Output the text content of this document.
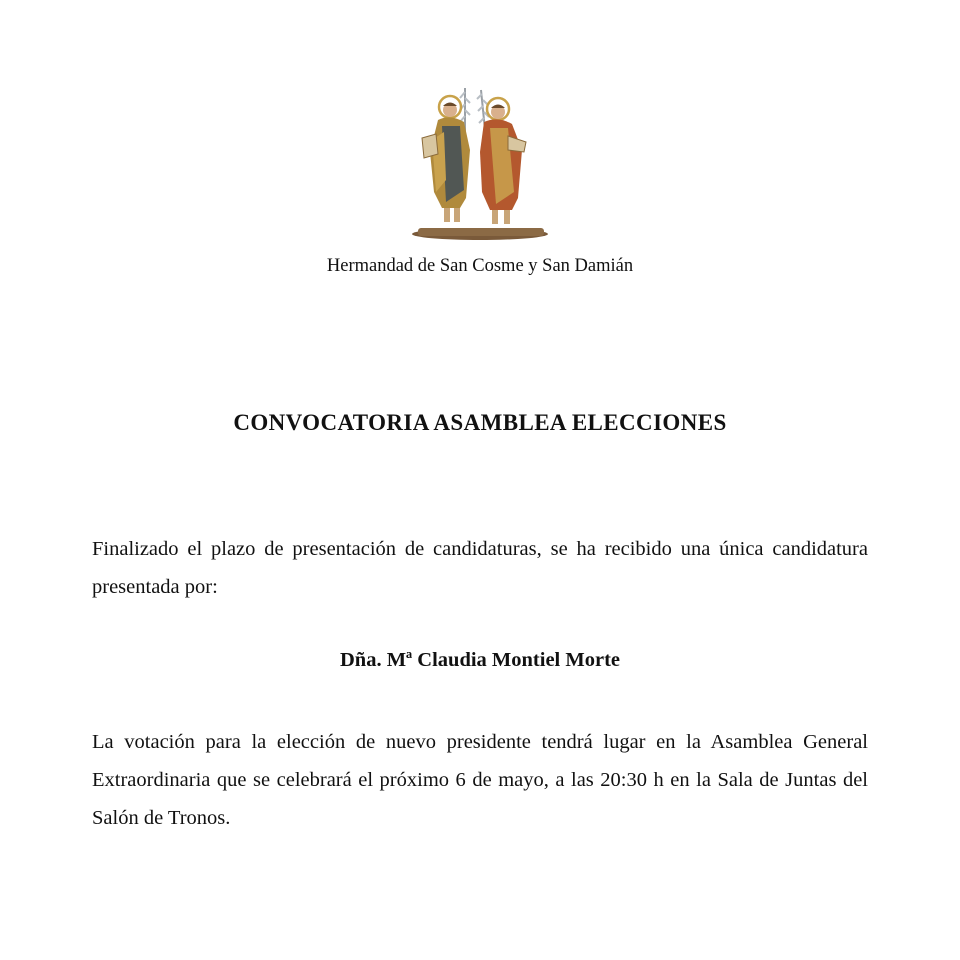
Hermandad de San Cosme y San Damián
CONVOCATORIA ASAMBLEA ELECCIONES

Finalizado el plazo de presentación de candidaturas, se ha recibido una única candidatura presentada por:

Dña. Mª Claudia Montiel Morte

La votación para la elección de nuevo presidente tendrá lugar en la Asamblea General Extraordinaria que se celebrará el próximo 6 de mayo, a las 20:30 h en la Sala de Juntas del Salón de Tronos.
